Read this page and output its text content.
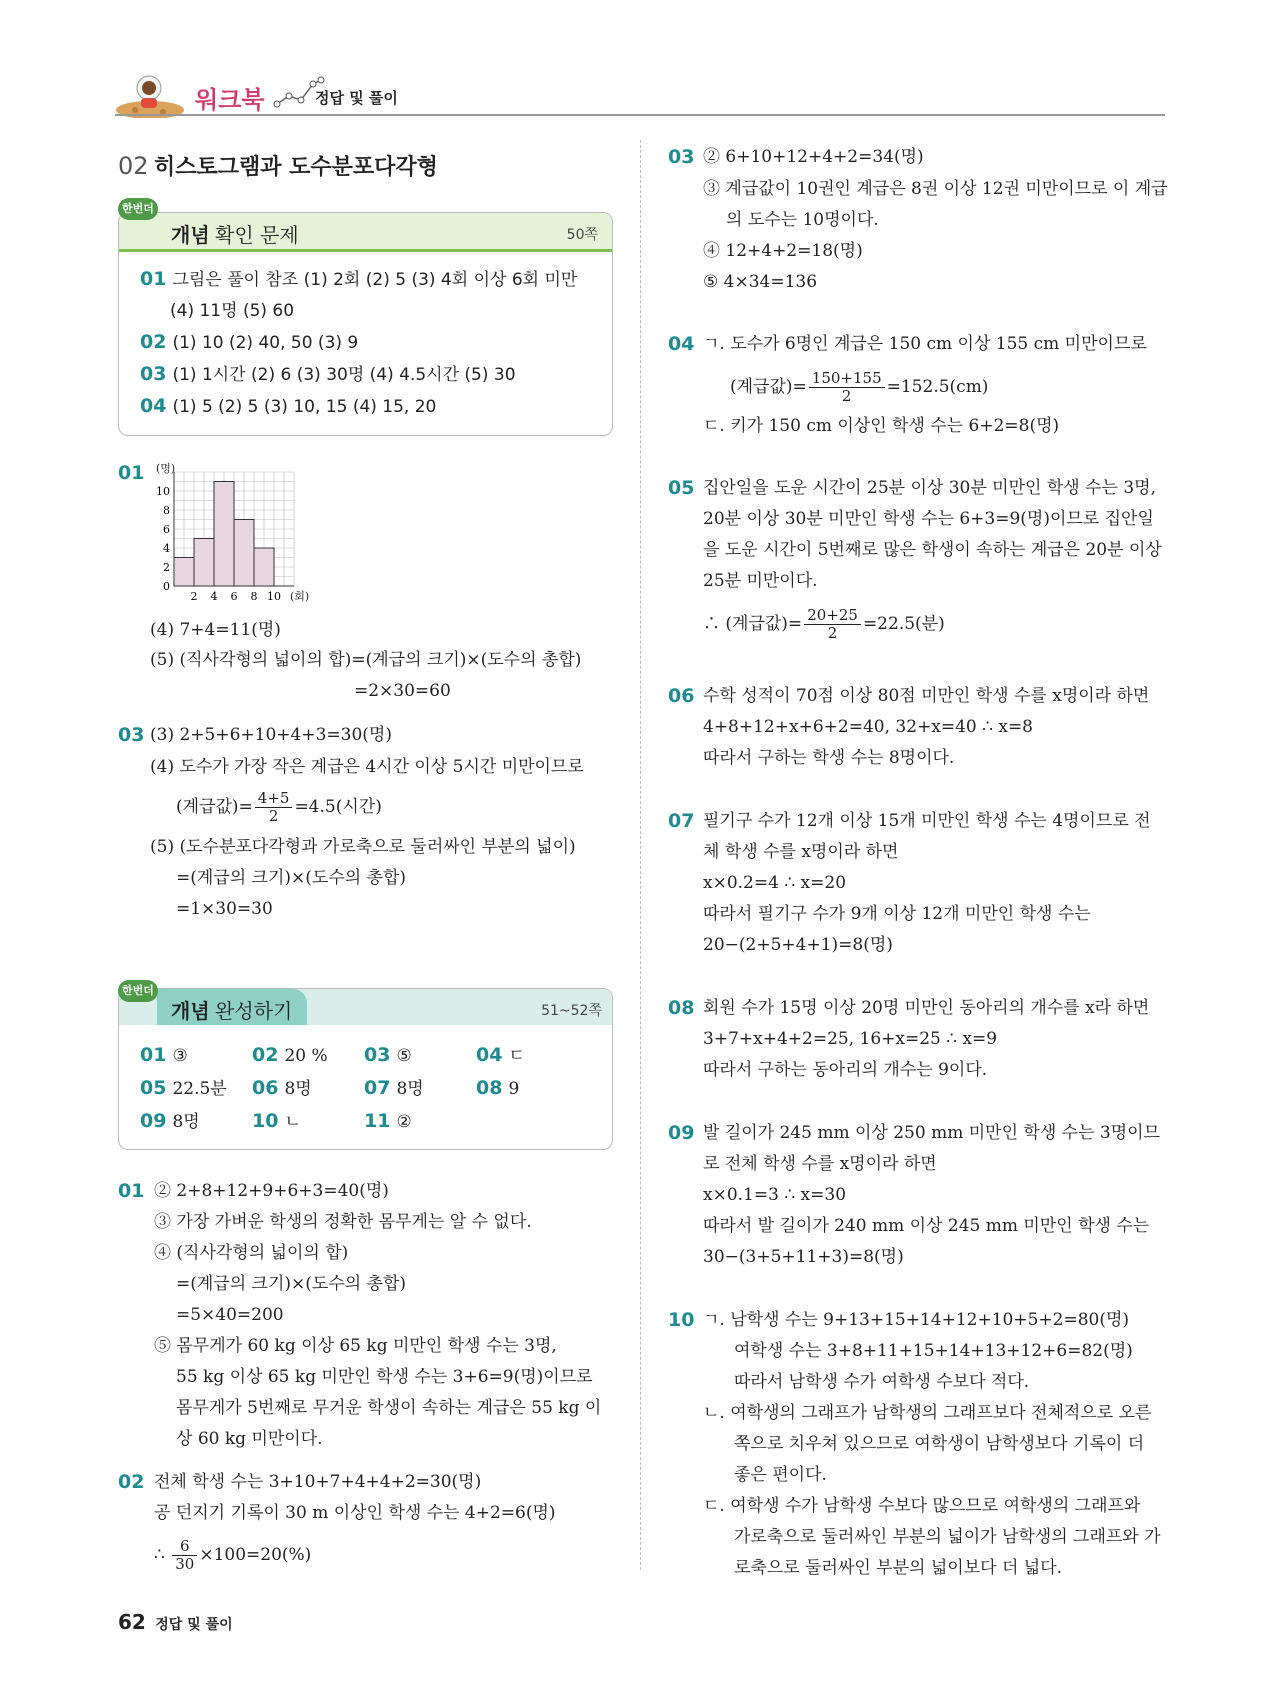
워크북	정답 및 풀이
02 히스토그램과 도수분포다각형
개념 확인 문제	50쪽
한번더
01 그림은 풀이 참조 (1) 2회 (2) 5 (3) 4회 이상 6회 미만
(4) 11명 (5) 60
02 (1) 10 (2) 40, 50 (3) 9
03 (1) 1시간 (2) 6 (3) 30명 (4) 4.5시간 (5) 30
04 (1) 5 (2) 5 (3) 10, 15 (4) 15, 20
01 (명)
(회)
10
8
6
4
2
0
2 4 6 8 10
(4) 7+4=11(명)
(5) (직사각형의 넓이의 합)=(계급의 크기)×(도수의 총합)
=2×30=60
03 (3) 2+5+6+10+4+3=30(명)
(4) 도수가 가장 작은 계급은 4시간 이상 5시간 미만이므로
(계급값)= $\frac{4+5}{2} =4.5$(시간)
(5) (도수분포다각형과 가로축으로 둘러싸인 부분의 넓이)
=(계급의 크기)×(도수의 총합)
=1×30=30
개념 완성하기	51~52쪽
한번더
01 ③	02 20 % 03 ⑤	04 ㄷ
05 22.5분 06 8명	07 8명	08 9
09 8명	10 ㄴ	11 ②
01 ② 2+8+12+9+6+3=40(명)
③ 가장 가벼운 학생의 정확한 몸무게는 알 수 없다.
④ (직사각형의 넓이의 합)
=(계급의 크기)×(도수의 총합)
=5×40=200
⑤ 몸무게가 60 kg 이상 65 kg 미만인 학생 수는 3명,
55 kg 이상 65 kg 미만인 학생 수는 3+6=9(명)이므로
몸무게가 5번째로 무거운 학생이 속하는 계급은 55 kg 이
상 60 kg 미만이다.
02 전체 학생 수는 3+10+7+4+4+2=30(명)
공 던지기 기록이 30 m 이상인 학생 수는 4+2=6(명)
∴ $\frac{6}{30} \times 100=20(\%)$
03 ② 6+10+12+4+2=34(명)
③ 계급값이 10권인 계급은 8권 이상 12권 미만이므로 이 계급
의 도수는 10명이다.
④ 12+4+2=18(명)
⑤ 4×34=136
04 ㄱ. 도수가 6명인 계급은 150 cm 이상 155 cm 미만이므로
(계급값)= $\frac{150+155}{2} =152.5(cm)$
ㄷ. 키가 150 cm 이상인 학생 수는 6+2=8(명)
05 집안일을 도운 시간이 25분 이상 30분 미만인 학생 수는 3명,
20분 이상 30분 미만인 학생 수는 6+3=9(명)이므로 집안일
을 도운 시간이 5번째로 많은 학생이 속하는 계급은 20분 이상
25분 미만이다.
∴ (계급값)= $\frac{20+25}{2} =22.5$(분)
06 수학 성적이 70점 이상 80점 미만인 학생 수를 x명이라 하면
4+8+12+x+6+2=40, 32+x=40 ∴ x=8
따라서 구하는 학생 수는 8명이다.
07 필기구 수가 12개 이상 15개 미만인 학생 수는 4명이므로 전
체 학생 수를 x명이라 하면
x×0.2=4 ∴ x=20
따라서 필기구 수가 9개 이상 12개 미만인 학생 수는
20−(2+5+4+1)=8(명)
08 회원 수가 15명 이상 20명 미만인 동아리의 개수를 x라 하면
3+7+x+4+2=25, 16+x=25 ∴ x=9
따라서 구하는 동아리의 개수는 9이다.
09 발 길이가 245 mm 이상 250 mm 미만인 학생 수는 3명이므
로 전체 학생 수를 x명이라 하면
x×0.1=3 ∴ x=30
따라서 발 길이가 240 mm 이상 245 mm 미만인 학생 수는
30−(3+5+11+3)=8(명)
10 ㄱ. 남학생 수는 9+13+15+14+12+10+5+2=80(명)
여학생 수는 3+8+11+15+14+13+12+6=82(명)
따라서 남학생 수가 여학생 수보다 적다.
ㄴ. 여학생의 그래프가 남학생의 그래프보다 전체적으로 오른
쪽으로 치우쳐 있으므로 여학생이 남학생보다 기록이 더
좋은 편이다.
ㄷ. 여학생 수가 남학생 수보다 많으므로 여학생의 그래프와
가로축으로 둘러싸인 부분의 넓이가 남학생의 그래프와 가
로축으로 둘러싸인 부분의 넓이보다 더 넓다.
62 정답 및 풀이
